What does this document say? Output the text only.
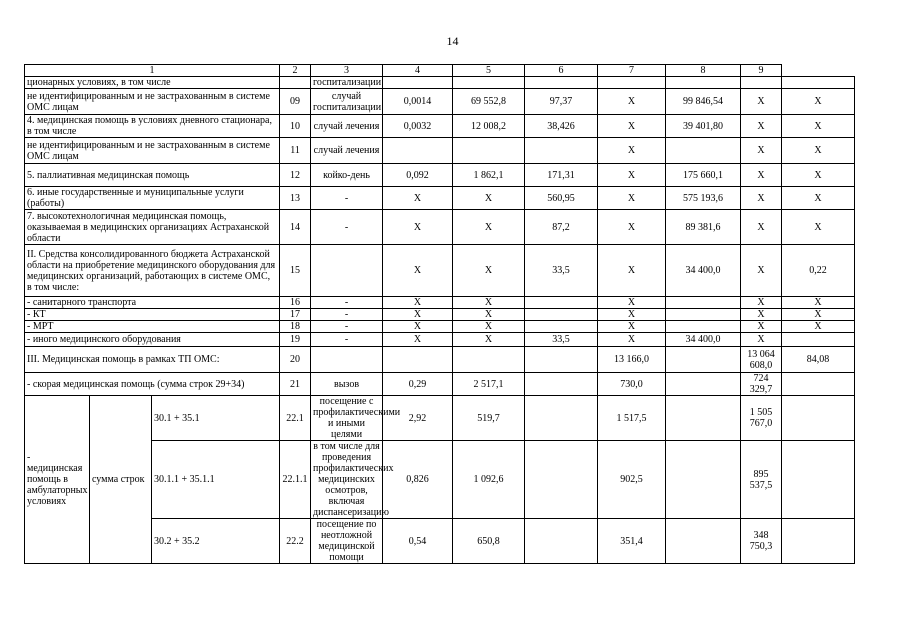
14
1			2	3	4	5	6	7	8	9	
ционарных условиях, в том числе				госпитализации							
не идентифицированным и не застрахованным в системе ОМС лицам			09	случай госпитализации	0,0014	69 552,8	97,37	X	99 846,54	X	X
4. медицинская помощь в условиях дневного стационара, в том числе			10	случай лечения	0,0032	12 008,2	38,426	X	39 401,80	X	X
не идентифицированным и не застрахованным в системе ОМС лицам			11	случай лечения				X		X	X
5. паллиативная медицинская помощь			12	койко-день	0,092	1 862,1	171,31	X	175 660,1	X	X
6. иные государственные и муниципальные услуги (работы)			13	-	X	X	560,95	X	575 193,6	X	X
7. высокотехнологичная медицинская помощь, оказываемая в медицинских организациях Астраханской области			14	-	X	X	87,2	X	89 381,6	X	X
II. Средства консолидированного бюджета Астраханской области на приобретение медицинского оборудования для медицинских организаций, работающих в системе ОМС, в том числе:			15		X	X	33,5	X	34 400,0	X	0,22
- санитарного транспорта			16	-	X	X		X		X	X
- КТ			17	-	X	X		X		X	X
- МРТ			18	-	X	X		X		X	X
- иного медицинского оборудования			19	-	X	X	33,5	X	34 400,0	X	
III. Медицинская помощь в рамках ТП ОМС:			20					13 166,0		13 064 608,0	84,08
- скорая медицинская помощь (сумма строк 29+34)			21	вызов	0,29	2 517,1		730,0		724 329,7	
- медицинская помощь в амбулаторных условиях	сумма строк	30.1 + 35.1	22.1	посещение с профилактическими и иными целями	2,92	519,7		1 517,5		1 505 767,0	
		30.1.1 + 35.1.1	22.1.1	в том числе для проведения профилактических медицинских осмотров, включая диспансеризацию	0,826	1 092,6		902,5		895 537,5	
		30.2 + 35.2	22.2	посещение по неотложной медицинской помощи	0,54	650,8		351,4		348 750,3	
